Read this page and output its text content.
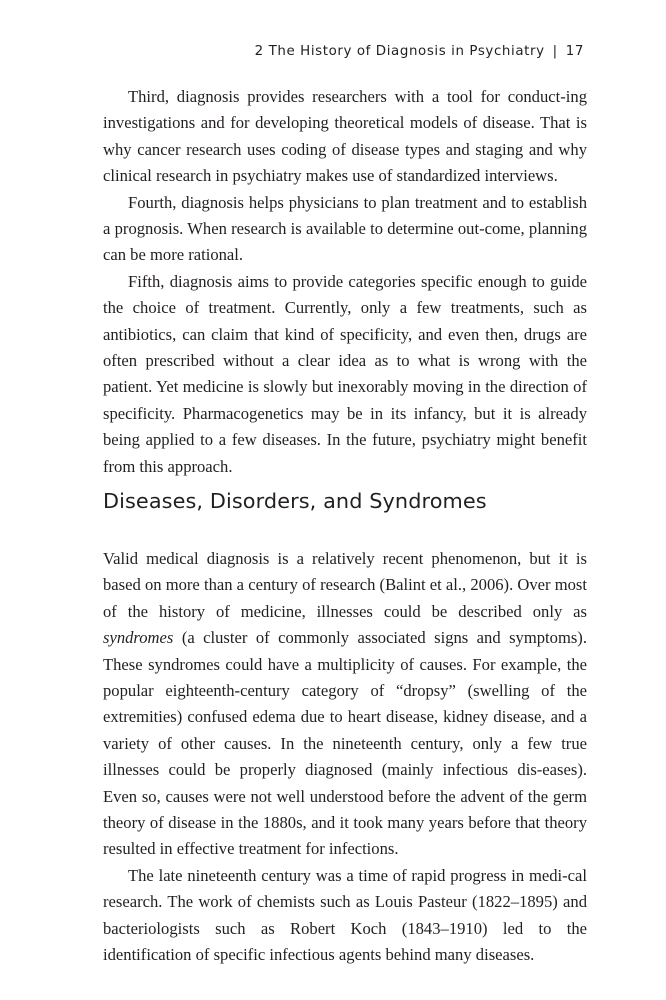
2 The History of Diagnosis in Psychiatry | 17

Third, diagnosis provides researchers with a tool for conduct-ing investigations and for developing theoretical models of disease. That is why cancer research uses coding of disease types and staging and why clinical research in psychiatry makes use of standardized interviews.

Fourth, diagnosis helps physicians to plan treatment and to establish a prognosis. When research is available to determine out-come, planning can be more rational.

Fifth, diagnosis aims to provide categories specific enough to guide the choice of treatment. Currently, only a few treatments, such as antibiotics, can claim that kind of specificity, and even then, drugs are often prescribed without a clear idea as to what is wrong with the patient. Yet medicine is slowly but inexorably moving in the direction of specificity. Pharmacogenetics may be in its infancy, but it is already being applied to a few diseases. In the future, psychiatry might benefit from this approach.

Diseases, Disorders, and Syndromes

Valid medical diagnosis is a relatively recent phenomenon, but it is based on more than a century of research (Balint et al., 2006). Over most of the history of medicine, illnesses could be described only as syndromes (a cluster of commonly associated signs and symptoms). These syndromes could have a multiplicity of causes. For example, the popular eighteenth-century category of “dropsy” (swelling of the extremities) confused edema due to heart disease, kidney disease, and a variety of other causes. In the nineteenth century, only a few true illnesses could be properly diagnosed (mainly infectious dis-eases). Even so, causes were not well understood before the advent of the germ theory of disease in the 1880s, and it took many years before that theory resulted in effective treatment for infections.

The late nineteenth century was a time of rapid progress in medi-cal research. The work of chemists such as Louis Pasteur (1822–1895) and bacteriologists such as Robert Koch (1843–1910) led to the identification of specific infectious agents behind many diseases.
